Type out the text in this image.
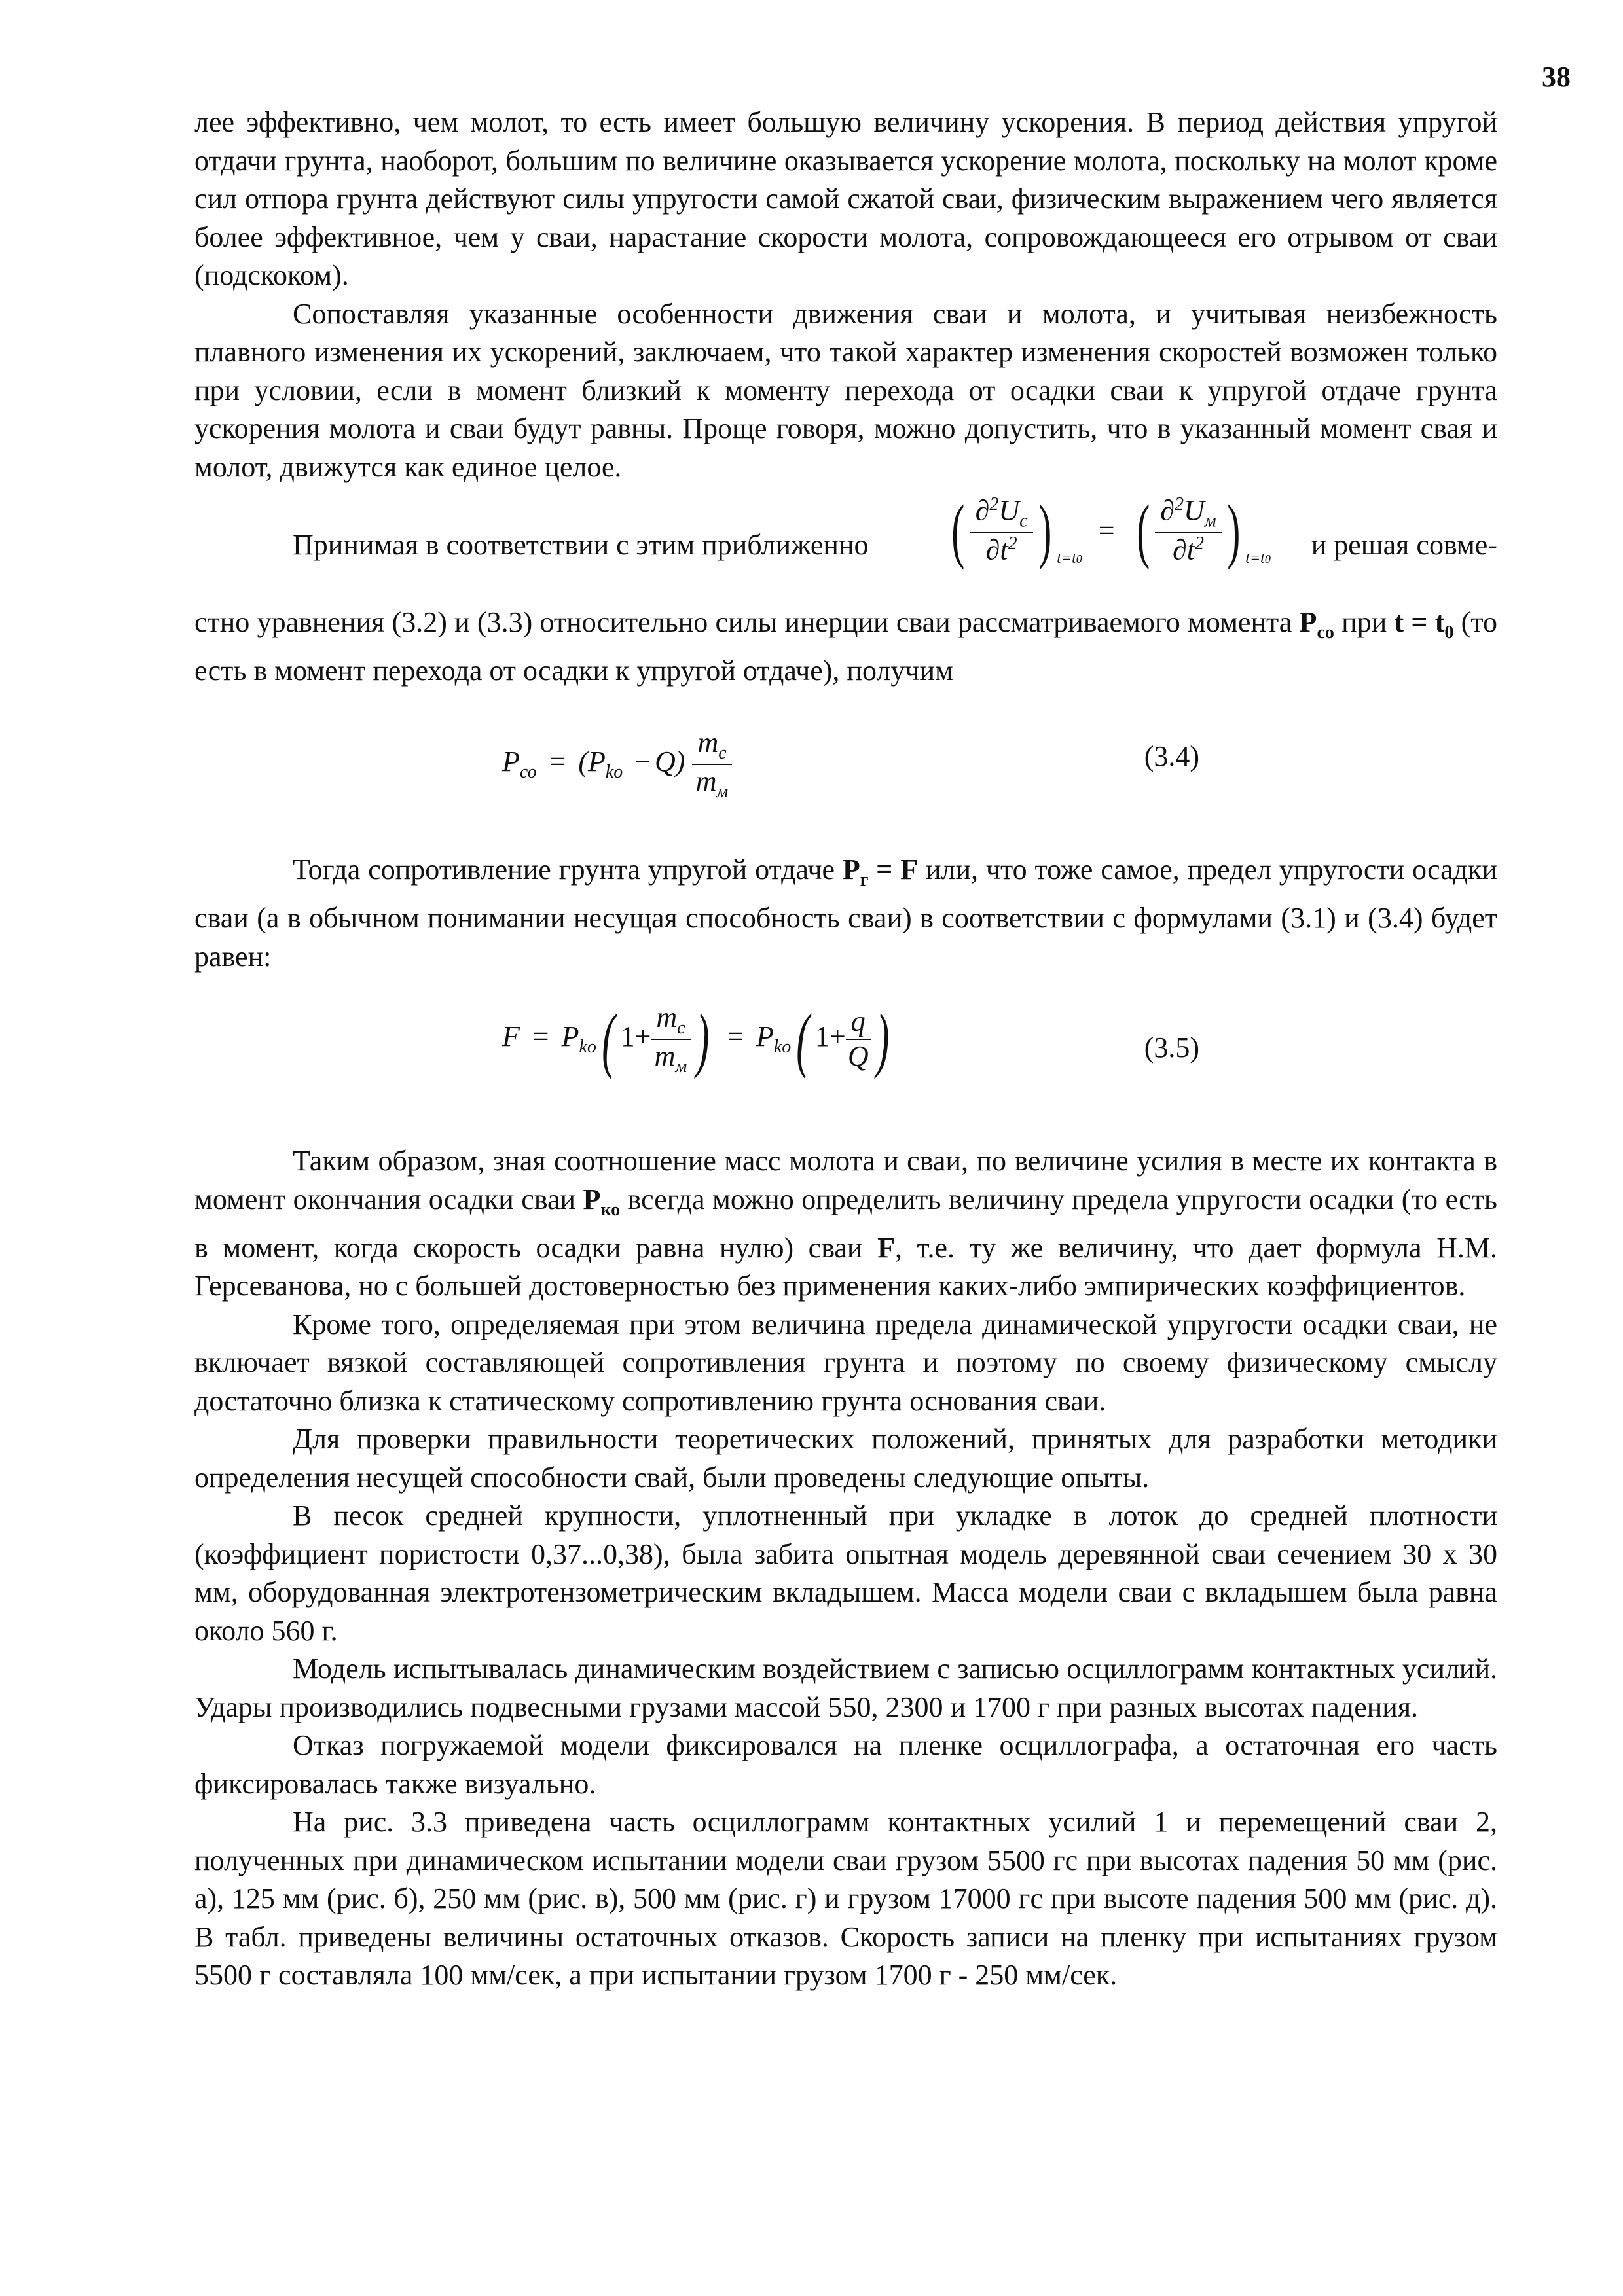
38

лее эффективно, чем молот, то есть имеет большую величину ускорения. В период действия упругой отдачи грунта, наоборот, большим по величине оказывается ускорение молота, поскольку на молот кроме сил отпора грунта действуют силы упругости самой сжатой сваи, физическим выражением чего является более эффективное, чем у сваи, нарастание скорости молота, сопровождающееся его отрывом от сваи (подскоком).

Сопоставляя указанные особенности движения сваи и молота, и учитывая неизбежность плавного изменения их ускорений, заключаем, что такой характер изменения скоростей возможен только при условии, если в момент близкий к моменту перехода от осадки сваи к упругой отдаче грунта ускорения молота и сваи будут равны. Проще говоря, можно допустить, что в указанный момент свая и молот, движутся как единое целое.

Принимая в соответствии с этим приближенно ( $\frac{\partial^2U_с}{\partial t^2}$ ) $_{t=t0}$ = ( $\frac{\partial^2U_м}{\partial t^2}$ ) $_{t=t0}$ и решая совме-

стно уравнения (3.2) и (3.3) относительно силы инерции сваи рассматриваемого момента $P_{со}$ при $t = t_0$ (то есть в момент перехода от осадки к упругой отдаче), получим

$P_{со} = (P_{ko} -Q) \frac{m_с}{m_м}$	(3.4)

Тогда сопротивление грунта упругой отдаче $P_г = F$ или, что тоже самое, предел упругости осадки сваи (а в обычном понимании несущая способность сваи) в соответствии с формулами (3.1) и (3.4) будет равен:

$F = P_{ko}$( $1+ \frac{m_с}{m_м}$ ) = $P_{ko}$( $1+ \frac{q}{Q}$ )	(3.5)

Таким образом, зная соотношение масс молота и сваи, по величине усилия в месте их контакта в момент окончания осадки сваи $P_{ко}$ всегда можно определить величину предела упругости осадки (то есть в момент, когда скорость осадки равна нулю) сваи F, т.е. ту же величину, что дает формула Н.М. Герсеванова, но с большей достоверностью без применения каких-либо эмпирических коэффициентов.

Кроме того, определяемая при этом величина предела динамической упругости осадки сваи, не включает вязкой составляющей сопротивления грунта и поэтому по своему физическому смыслу достаточно близка к статическому сопротивлению грунта основания сваи.

Для проверки правильности теоретических положений, принятых для разработки методики определения несущей способности свай, были проведены следующие опыты.

В песок средней крупности, уплотненный при укладке в лоток до средней плотности (коэффициент пористости 0,37...0,38), была забита опытная модель деревянной сваи сечением 30 х 30 мм, оборудованная электротензометрическим вкладышем. Масса модели сваи с вкладышем была равна около 560 г.

Модель испытывалась динамическим воздействием с записью осциллограмм контактных усилий. Удары производились подвесными грузами массой 550, 2300 и 1700 г при разных высотах падения.

Отказ погружаемой модели фиксировался на пленке осциллографа, а остаточная его часть фиксировалась также визуально.

На рис. 3.3 приведена часть осциллограмм контактных усилий 1 и перемещений сваи 2, полученных при динамическом испытании модели сваи грузом 5500 гс при высотах падения 50 мм (рис. а), 125 мм (рис. б), 250 мм (рис. в), 500 мм (рис. г) и грузом 17000 гс при высоте падения 500 мм (рис. д). В табл. приведены величины остаточных отказов. Скорость записи на пленку при испытаниях грузом 5500 г составляла 100 мм/сек, а при испытании грузом 1700 г - 250 мм/сек.
